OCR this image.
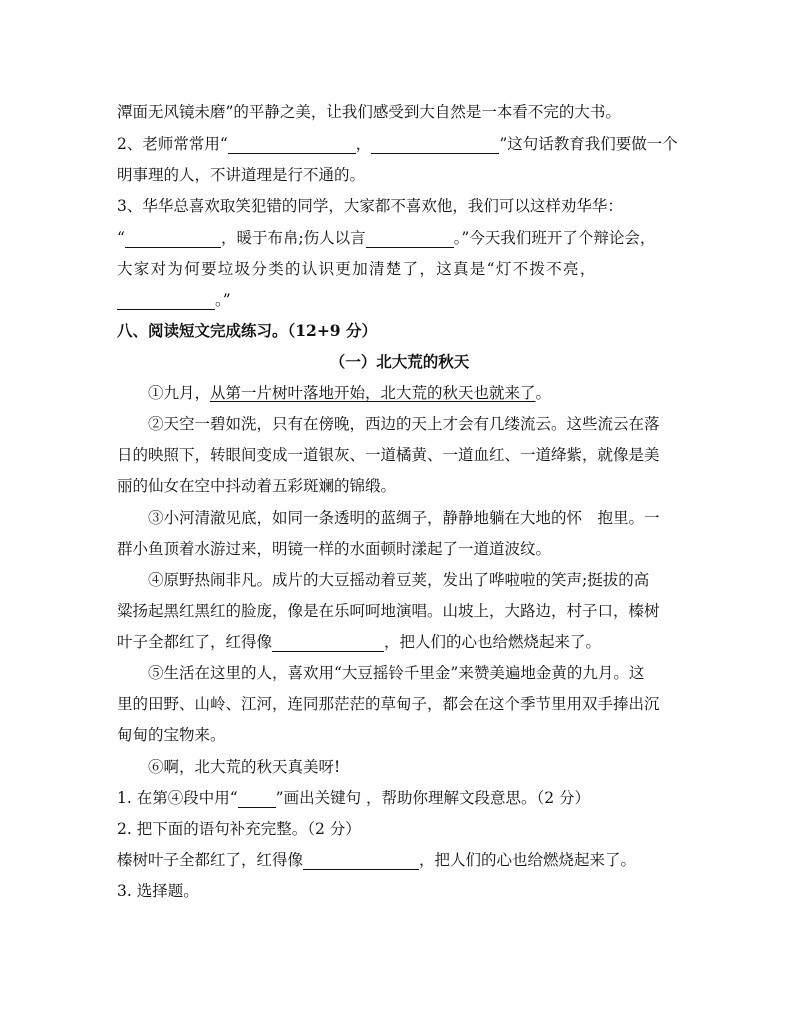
潭面无风镜未磨”的平静之美，让我们感受到大自然是一本看不完的大书。
2、老师常常用“	，	”这句话教育我们要做一个
明事理的人，不讲道理是行不通的。
3、华华总喜欢取笑犯错的同学，大家都不喜欢他，我们可以这样劝华华：
“	，暖于布帛;伤人以言	。”今天我们班开了个辩论会，
大家对为何要垃圾分类的认识更加清楚了，这真是“灯不拨不亮，
。”
八、阅读短文完成练习。（12+9 分）
（一）北大荒的秋天
①九月，从第一片树叶落地开始，北大荒的秋天也就来了。
②天空一碧如洗，只有在傍晚，西边的天上才会有几缕流云。这些流云在落
日的映照下，转眼间变成一道银灰、一道橘黄、一道血红、一道绛紫，就像是美
丽的仙女在空中抖动着五彩斑斓的锦缎。
③小河清澈见底，如同一条透明的蓝绸子，静静地躺在大地的怀　抱里。一
群小鱼顶着水游过来，明镜一样的水面顿时漾起了一道道波纹。
④原野热闹非凡。成片的大豆摇动着豆荚，发出了哗啦啦的笑声;挺拔的高
粱扬起黑红黑红的脸庞，像是在乐呵呵地演唱。山坡上，大路边，村子口，榛树
叶子全都红了，红得像	，把人们的心也给燃烧起来了。
⑤生活在这里的人，喜欢用“大豆摇铃千里金”来赞美遍地金黄的九月。这
里的田野、山岭、江河，连同那茫茫的草甸子，都会在这个季节里用双手捧出沉
甸甸的宝物来。
⑥啊，北大荒的秋天真美呀!
1. 在第④段中用“ ”画出关键句 ，帮助你理解文段意思。（2 分）
2. 把下面的语句补充完整。（2 分）
榛树叶子全都红了，红得像	，把人们的心也给燃烧起来了。
3. 选择题。
